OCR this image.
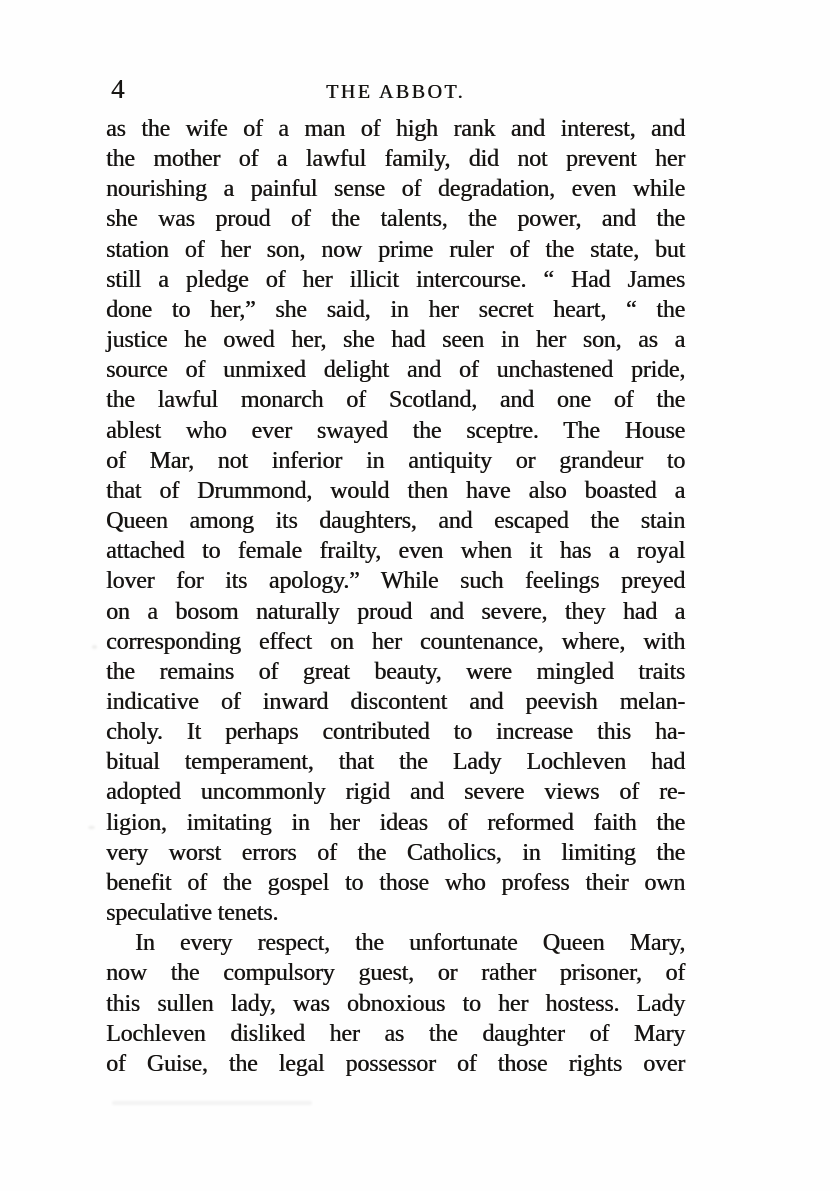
4	THE ABBOT.
as the wife of a man of high rank and interest, and
the mother of a lawful family, did not prevent her
nourishing a painful sense of degradation, even while
she was proud of the talents, the power, and the
station of her son, now prime ruler of the state, but
still a pledge of her illicit intercourse. “ Had James
done to her,” she said, in her secret heart, “ the
justice he owed her, she had seen in her son, as a
source of unmixed delight and of unchastened pride,
the lawful monarch of Scotland, and one of the
ablest who ever swayed the sceptre. The House
of Mar, not inferior in antiquity or grandeur to
that of Drummond, would then have also boasted a
Queen among its daughters, and escaped the stain
attached to female frailty, even when it has a royal
lover for its apology.” While such feelings preyed
on a bosom naturally proud and severe, they had a
corresponding effect on her countenance, where, with
the remains of great beauty, were mingled traits
indicative of inward discontent and peevish melan-
choly. It perhaps contributed to increase this ha-
bitual temperament, that the Lady Lochleven had
adopted uncommonly rigid and severe views of re-
ligion, imitating in her ideas of reformed faith the
very worst errors of the Catholics, in limiting the
benefit of the gospel to those who profess their own
speculative tenets.
In every respect, the unfortunate Queen Mary,
now the compulsory guest, or rather prisoner, of
this sullen lady, was obnoxious to her hostess. Lady
Lochleven disliked her as the daughter of Mary
of Guise, the legal possessor of those rights over
